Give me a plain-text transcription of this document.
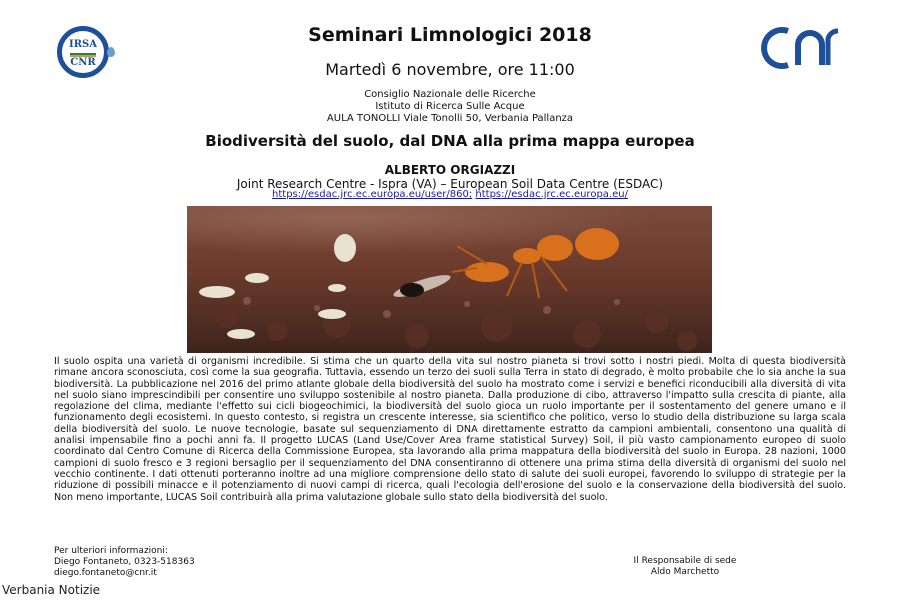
IRSA
CNR
Seminari Limnologici 2018
Martedì 6 novembre, ore 11:00
Consiglio Nazionale delle Ricerche
Istituto di Ricerca Sulle Acque
AULA TONOLLI Viale Tonolli 50, Verbania Pallanza
Biodiversità del suolo, dal DNA alla prima mappa europea
ALBERTO ORGIAZZI
Joint Research Centre - Ispra (VA) – European Soil Data Centre (ESDAC)
https://esdac.jrc.ec.europa.eu/user/860; https://esdac.jrc.ec.europa.eu/
Il suolo ospita una varietà di organismi incredibile. Si stima che un quarto della vita sul nostro pianeta si trovi sotto i nostri piedi. Molta di questa biodiversità rimane ancora sconosciuta, così come la sua geografia. Tuttavia, essendo un terzo dei suoli sulla Terra in stato di degrado, è molto probabile che lo sia anche la sua biodiversità. La pubblicazione nel 2016 del primo atlante globale della biodiversità del suolo ha mostrato come i servizi e benefici riconducibili alla diversità di vita nel suolo siano imprescindibili per consentire uno sviluppo sostenibile al nostro pianeta. Dalla produzione di cibo, attraverso l'impatto sulla crescita di piante, alla regolazione del clima, mediante l'effetto sui cicli biogeochimici, la biodiversità del suolo gioca un ruolo importante per il sostentamento del genere umano e il funzionamento degli ecosistemi. In questo contesto, si registra un crescente interesse, sia scientifico che politico, verso lo studio della distribuzione su larga scala della biodiversità del suolo. Le nuove tecnologie, basate sul sequenziamento di DNA direttamente estratto da campioni ambientali, consentono una qualità di analisi impensabile fino a pochi anni fa. Il progetto LUCAS (Land Use/Cover Area frame statistical Survey) Soil, il più vasto campionamento europeo di suolo coordinato dal Centro Comune di Ricerca della Commissione Europea, sta lavorando alla prima mappatura della biodiversità del suolo in Europa. 28 nazioni, 1000 campioni di suolo fresco e 3 regioni bersaglio per il sequenziamento del DNA consentiranno di ottenere una prima stima della diversità di organismi del suolo nel vecchio continente. I dati ottenuti porteranno inoltre ad una migliore comprensione dello stato di salute dei suoli europei, favorendo lo sviluppo di strategie per la riduzione di possibili minacce e il potenziamento di nuovi campi di ricerca, quali l'ecologia dell'erosione del suolo e la conservazione della biodiversità del suolo. Non meno importante, LUCAS Soil contribuirà alla prima valutazione globale sullo stato della biodiversità del suolo.
Per ulteriori informazioni:
Diego Fontaneto, 0323-518363
diego.fontaneto@cnr.it
Il Responsabile di sede
Aldo Marchetto
Verbania Notizie
